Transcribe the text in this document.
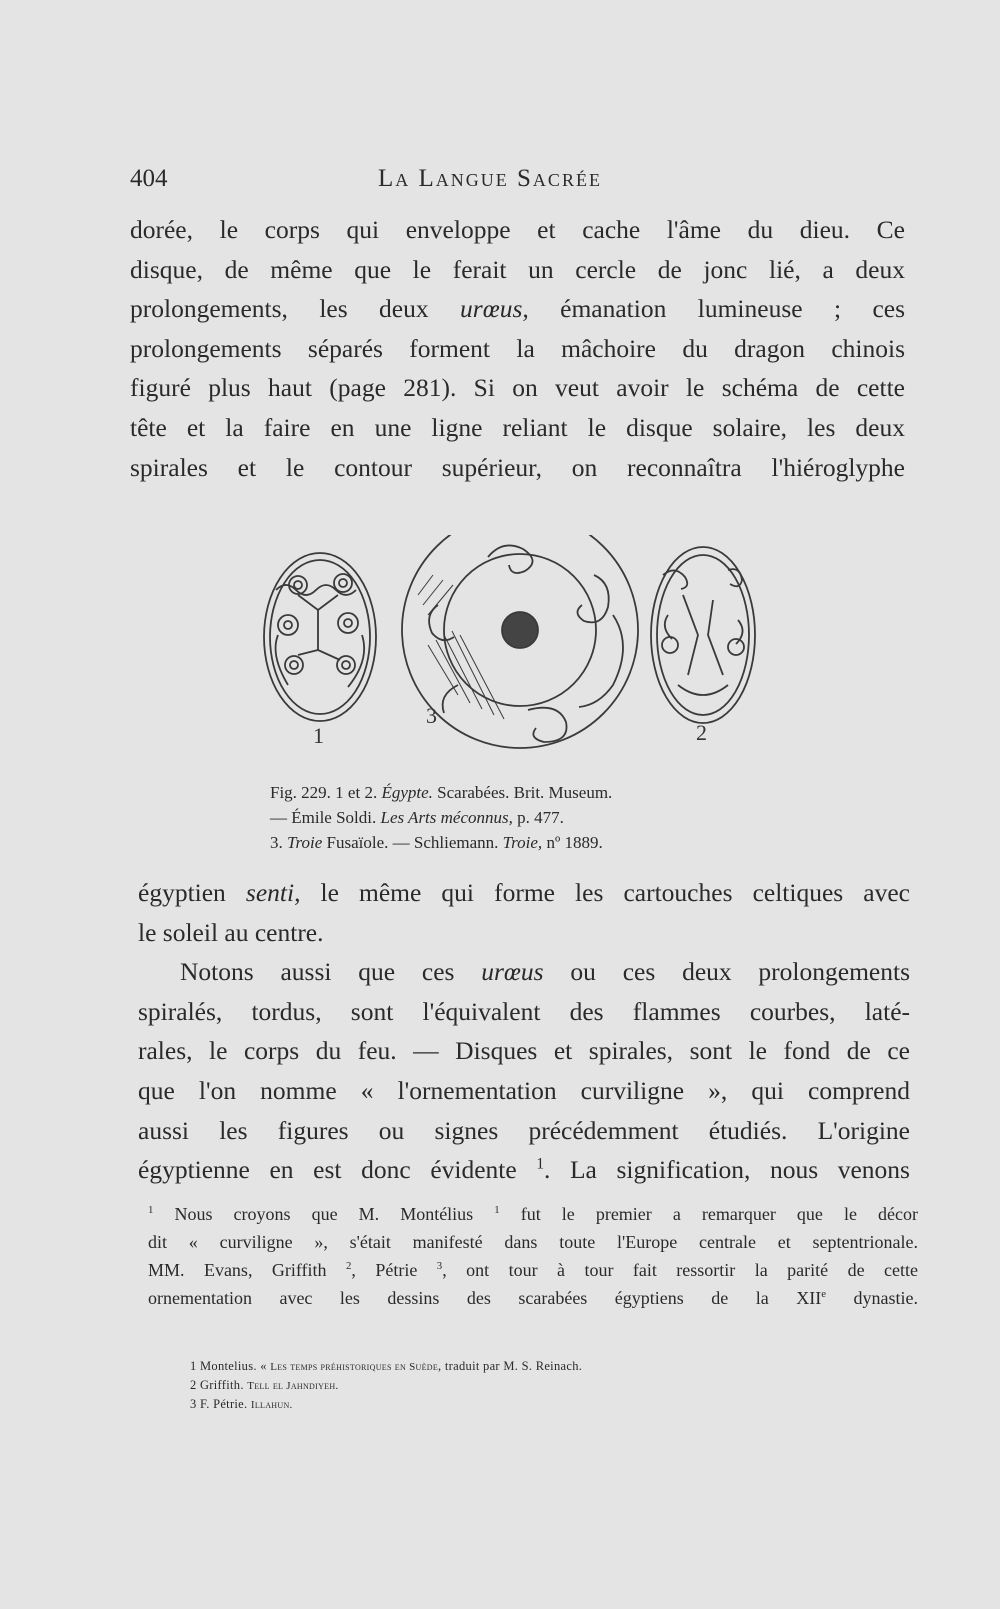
404	La Langue Sacrée
dorée, le corps qui enveloppe et cache l'âme du dieu. Ce
disque, de même que le ferait un cercle de jonc lié, a deux
prolongements, les deux urœus, émanation lumineuse ; ces
prolongements séparés forment la mâchoire du dragon chinois
figuré plus haut (page 281). Si on veut avoir le schéma de cette
tête et la faire en une ligne reliant le disque solaire, les deux
spirales et le contour supérieur, on reconnaîtra l'hiéroglyphe
1
3
2
Fig. 229. 1 et 2. Égypte. Scarabées. Brit. Museum.
— Émile Soldi. Les Arts méconnus, p. 477.
3. Troie Fusaïole. — Schliemann. Troie, nº 1889.
égyptien senti, le même qui forme les cartouches celtiques avec
le soleil au centre.
Notons aussi que ces urœus ou ces deux prolongements
spiralés, tordus, sont l'équivalent des flammes courbes, laté-
rales, le corps du feu. — Disques et spirales, sont le fond de ce
que l'on nomme « l'ornementation curviligne », qui comprend
aussi les figures ou signes précédemment étudiés. L'origine
égyptienne en est donc évidente $^1$. La signification, nous venons
$^1$ Nous croyons que M. Montélius $^1$ fut le premier a remarquer que le décor
dit « curviligne », s'était manifesté dans toute l'Europe centrale et septentrionale.
MM. Evans, Griffith $^2$, Pétrie $^3$, ont tour à tour fait ressortir la parité de cette
ornementation avec les dessins des scarabées égyptiens de la XIIe dynastie.
1 Montelius. « Les temps préhistoriques en Suède, traduit par M. S. Reinach.
2 Griffith. Tell el Jahndiyeh.
3 F. Pétrie. Illahun.
